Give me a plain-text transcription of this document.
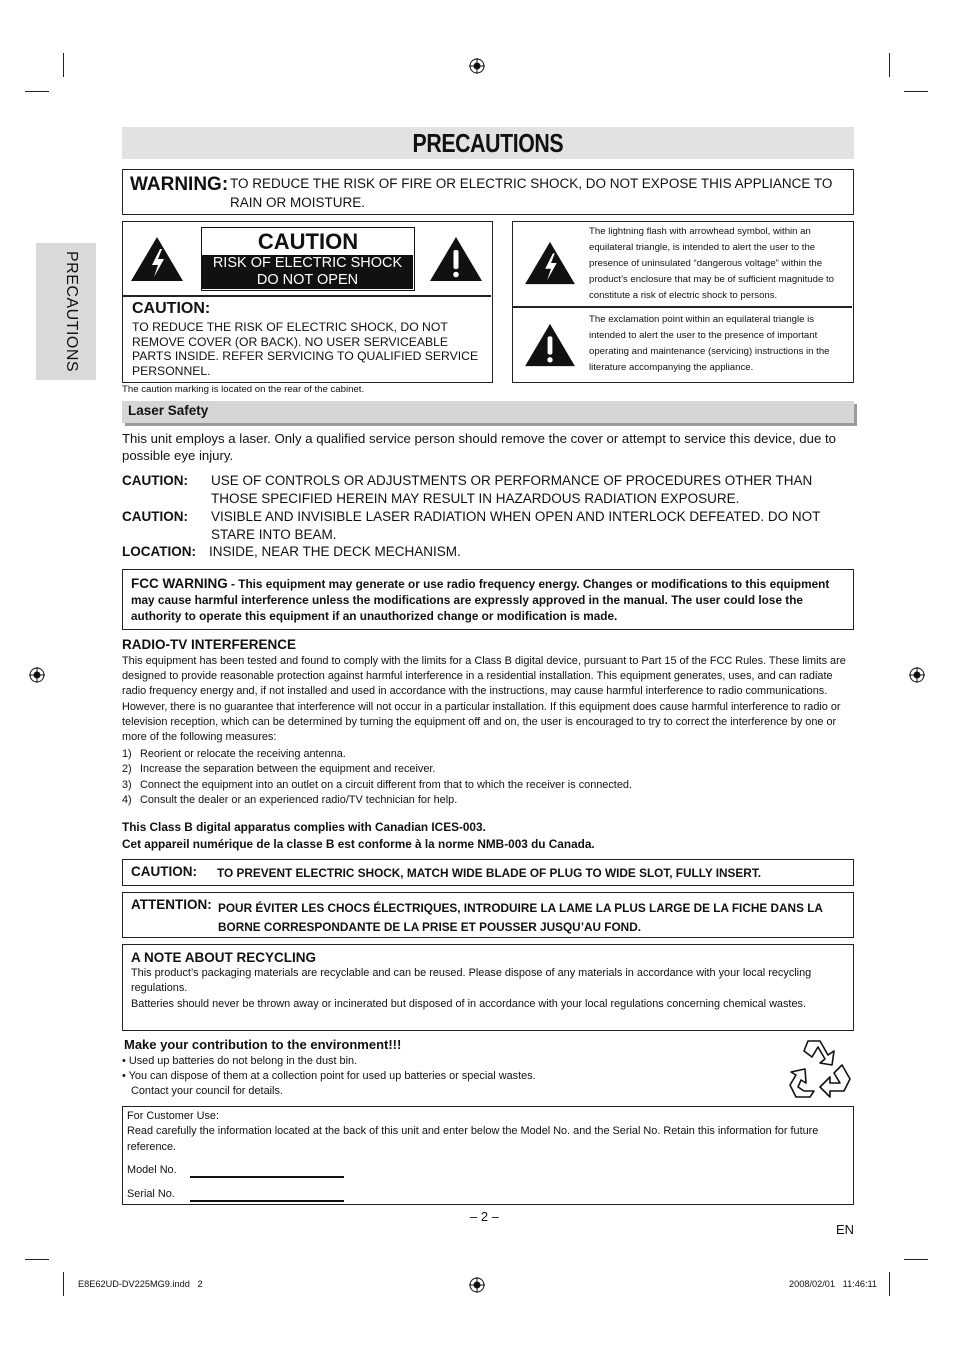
PRECAUTIONS
PRECAUTIONS
WARNING: TO REDUCE THE RISK OF FIRE OR ELECTRIC SHOCK, DO NOT EXPOSE THIS APPLIANCE TO RAIN OR MOISTURE.
CAUTION
RISK OF ELECTRIC SHOCK
DO NOT OPEN
CAUTION:
TO REDUCE THE RISK OF ELECTRIC SHOCK, DO NOT REMOVE COVER (OR BACK). NO USER SERVICEABLE PARTS INSIDE. REFER SERVICING TO QUALIFIED SERVICE PERSONNEL.
The lightning flash with arrowhead symbol, within an equilateral triangle, is intended to alert the user to the presence of uninsulated “dangerous voltage” within the product’s enclosure that may be of sufficient magnitude to constitute a risk of electric shock to persons.
The exclamation point within an equilateral triangle is intended to alert the user to the presence of important operating and maintenance (servicing) instructions in the literature accompanying the appliance.
The caution marking is located on the rear of the cabinet.
Laser Safety
This unit employs a laser. Only a qualified service person should remove the cover or attempt to service this device, due to possible eye injury.
CAUTION: USE OF CONTROLS OR ADJUSTMENTS OR PERFORMANCE OF PROCEDURES OTHER THAN THOSE SPECIFIED HEREIN MAY RESULT IN HAZARDOUS RADIATION EXPOSURE.
CAUTION: VISIBLE AND INVISIBLE LASER RADIATION WHEN OPEN AND INTERLOCK DEFEATED. DO NOT STARE INTO BEAM.
LOCATION: INSIDE, NEAR THE DECK MECHANISM.
FCC WARNING - This equipment may generate or use radio frequency energy. Changes or modifications to this equipment may cause harmful interference unless the modifications are expressly approved in the manual. The user could lose the authority to operate this equipment if an unauthorized change or modification is made.
RADIO-TV INTERFERENCE
This equipment has been tested and found to comply with the limits for a Class B digital device, pursuant to Part 15 of the FCC Rules. These limits are designed to provide reasonable protection against harmful interference in a residential installation. This equipment generates, uses, and can radiate radio frequency energy and, if not installed and used in accordance with the instructions, may cause harmful interference to radio communications. However, there is no guarantee that interference will not occur in a particular installation. If this equipment does cause harmful interference to radio or television reception, which can be determined by turning the equipment off and on, the user is encouraged to try to correct the interference by one or more of the following measures:
1) Reorient or relocate the receiving antenna.
2) Increase the separation between the equipment and receiver.
3) Connect the equipment into an outlet on a circuit different from that to which the receiver is connected.
4) Consult the dealer or an experienced radio/TV technician for help.
This Class B digital apparatus complies with Canadian ICES-003.
Cet appareil numérique de la classe B est conforme à la norme NMB-003 du Canada.
CAUTION: TO PREVENT ELECTRIC SHOCK, MATCH WIDE BLADE OF PLUG TO WIDE SLOT, FULLY INSERT.
ATTENTION: POUR ÉVITER LES CHOCS ÉLECTRIQUES, INTRODUIRE LA LAME LA PLUS LARGE DE LA FICHE DANS LA BORNE CORRESPONDANTE DE LA PRISE ET POUSSER JUSQU’AU FOND.
A NOTE ABOUT RECYCLING
This product’s packaging materials are recyclable and can be reused. Please dispose of any materials in accordance with your local recycling regulations.
Batteries should never be thrown away or incinerated but disposed of in accordance with your local regulations concerning chemical wastes.
Make your contribution to the environment!!!
• Used up batteries do not belong in the dust bin.
• You can dispose of them at a collection point for used up batteries or special wastes.
Contact your council for details.
For Customer Use:
Read carefully the information located at the back of this unit and enter below the Model No. and the Serial No. Retain this information for future reference.
Model No.
Serial No.
– 2 –
EN
E8E62UD-DV225MG9.indd   2	2008/02/01   11:46:11
